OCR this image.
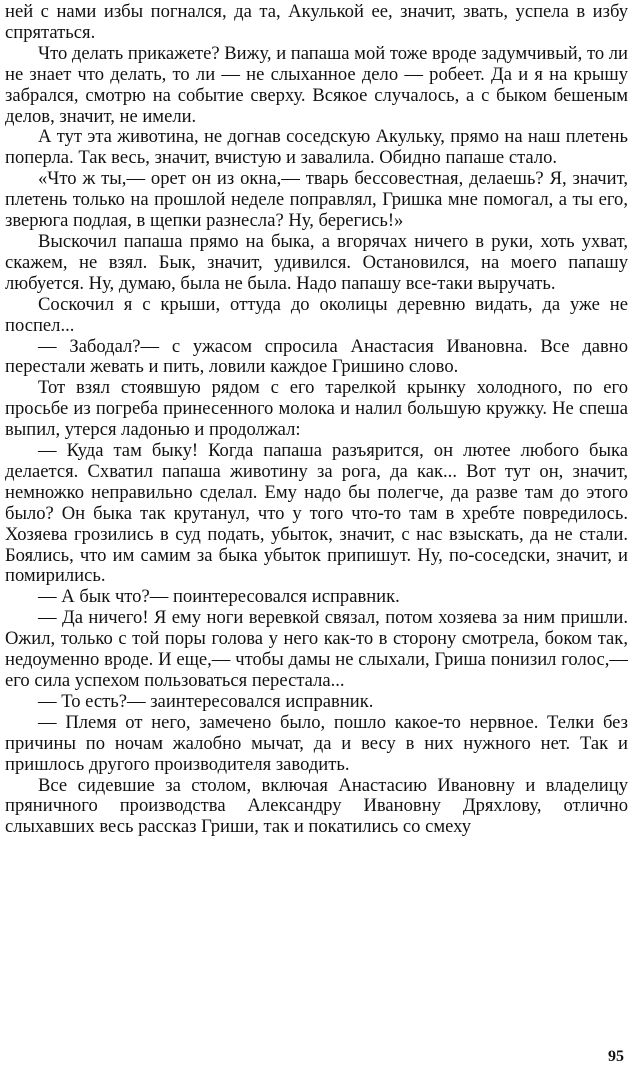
ней с нами избы погнался, да та, Акулькой ее, значит, звать, успела в избу спрятаться.

Что делать прикажете? Вижу, и папаша мой тоже вроде задумчивый, то ли не знает что делать, то ли — не слыханное дело — робеет. Да и я на крышу забрался, смотрю на событие сверху. Всякое случалось, а с быком бешеным делов, значит, не имели.

А тут эта животина, не догнав соседскую Акульку, прямо на наш плетень поперла. Так весь, значит, вчистую и завалила. Обидно папаше стало.

«Что ж ты,— орет он из окна,— тварь бессовестная, делаешь? Я, значит, плетень только на прошлой неделе поправлял, Гришка мне помогал, а ты его, зверюга подлая, в щепки разнесла? Ну, берегись!»

Выскочил папаша прямо на быка, а вгорячах ничего в руки, хоть ухват, скажем, не взял. Бык, значит, удивился. Остановился, на моего папашу любуется. Ну, думаю, была не была. Надо папашу все-таки выручать.

Соскочил я с крыши, оттуда до околицы деревню видать, да уже не поспел...

— Забодал?— с ужасом спросила Анастасия Ивановна. Все давно перестали жевать и пить, ловили каждое Гришино слово.

Тот взял стоявшую рядом с его тарелкой крынку холодного, по его просьбе из погреба принесенного молока и налил большую кружку. Не спеша выпил, утерся ладонью и продолжал:

— Куда там быку! Когда папаша разъярится, он лютее любого быка делается. Схватил папаша животину за рога, да как... Вот тут он, значит, немножко неправильно сделал. Ему надо бы полегче, да разве там до этого было? Он быка так крутанул, что у того что-то там в хребте повредилось. Хозяева грозились в суд подать, убыток, значит, с нас взыскать, да не стали. Боялись, что им самим за быка убыток припишут. Ну, по-соседски, значит, и помирились.

— А бык что?— поинтересовался исправник.

— Да ничего! Я ему ноги веревкой связал, потом хозяева за ним пришли. Ожил, только с той поры голова у него как-то в сторону смотрела, боком так, недоуменно вроде. И еще,— чтобы дамы не слыхали, Гриша понизил голос,— его сила успехом пользоваться перестала...

— То есть?— заинтересовался исправник.

— Племя от него, замечено было, пошло какое-то нервное. Телки без причины по ночам жалобно мычат, да и весу в них нужного нет. Так и пришлось другого производителя заводить.

Все сидевшие за столом, включая Анастасию Ивановну и владелицу пряничного производства Александру Ивановну Дряхлову, отлично слыхавших весь рассказ Гриши, так и покатились со смеху

95
